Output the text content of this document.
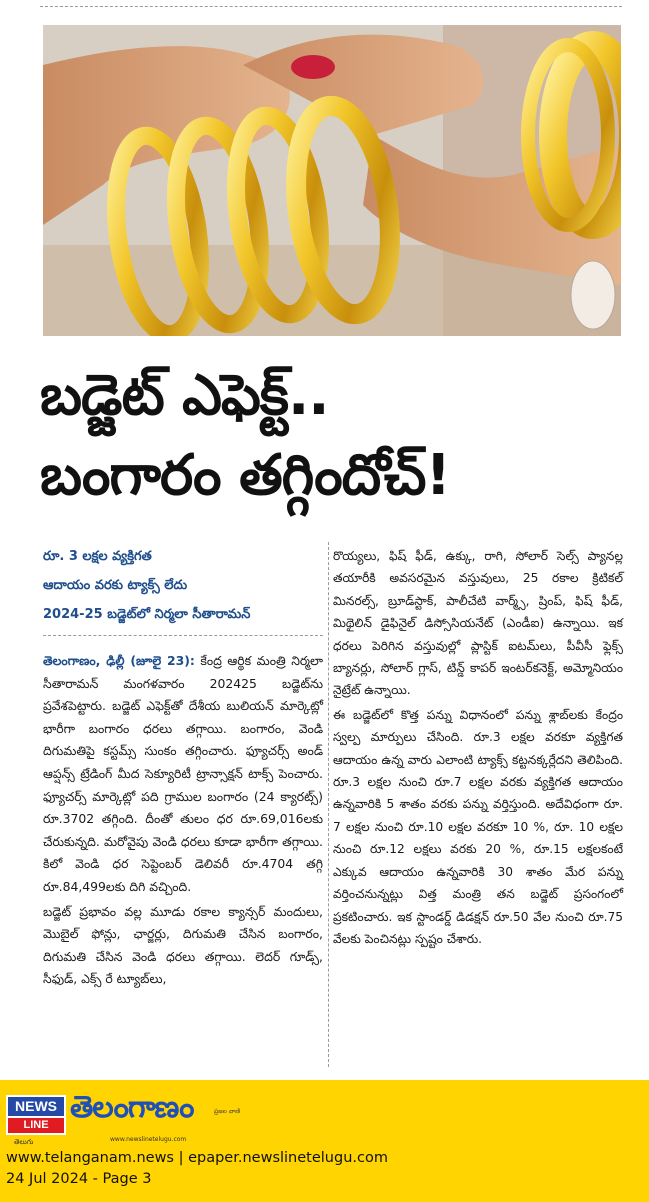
బడ్జెట్ ఎఫెక్ట్..
బంగారం తగ్గిందోచ్!
రూ. 3 లక్షల వ్యక్తిగత
ఆదాయం వరకు ట్యాక్స్ లేదు
2024-25 బడ్జెట్‌లో నిర్మలా సీతారామన్

తెలంగాణం, ఢిల్లీ (జూలై 23): కేంద్ర ఆర్థిక మంత్రి నిర్మలా సీతారామన్ మంగళవారం 202425 బడ్జెట్‌ను ప్రవేశపెట్టారు. బడ్జెట్ ఎఫెక్ట్‌తో దేశీయ బులియన్ మార్కెట్లో భారీగా బంగారం ధరలు తగ్గాయి. బంగారం, వెండి దిగుమతిపై కస్టమ్స్ సుంకం తగ్గించారు. ఫ్యూచర్స్ అండ్ ఆప్షన్స్ ట్రేడింగ్ మీద సెక్యూరిటీ ట్రాన్సాక్షన్ టాక్స్ పెంచారు. ఫ్యూచర్స్ మార్కెట్లో పది గ్రాముల బంగారం (24 క్యారట్స్) రూ.3702 తగ్గింది. దీంతో తులం ధర రూ.69,016లకు చేరుకున్నది. మరోవైపు వెండి ధరలు కూడా భారీగా తగ్గాయి. కిలో వెండి ధర సెప్టెంబర్ డెలివరీ రూ.4704 తగ్గి రూ.84,499లకు దిగి వచ్చింది.

బడ్జెట్ ప్రభావం వల్ల మూడు రకాల క్యాన్సర్ మందులు, మొబైల్ ఫోన్లు, ఛార్జర్లు, దిగుమతి చేసిన బంగారం, దిగుమతి చేసిన వెండి ధరలు తగ్గాయి. లెదర్ గూడ్స్, సీఫుడ్, ఎక్స్ రే ట్యూబ్‌లు,

రొయ్యలు, ఫిష్ ఫీడ్, ఉక్కు, రాగి, సోలార్ సెల్స్ ప్యానల్ల తయారీకి అవసరమైన వస్తువులు, 25 రకాల క్రిటికల్ మినరల్స్, బ్రూడ్‌స్టాక్, పాలీచేటి వార్మ్స్, ష్రింప్, ఫిష్ ఫీడ్, మిథైలిన్ డైఫినైల్ డిస్సోసియనేట్ (ఎండీఐ) ఉన్నాయి. ఇక ధరలు పెరిగిన వస్తువుల్లో ప్లాస్టిక్ ఐటమ్‌లు, పీవీసీ ఫ్లెక్స్ బ్యానర్లు, సోలార్ గ్లాస్, టిన్డ్ కాపర్ ఇంటర్‌కనెక్ట్, అమ్మోనియం నైట్రేట్ ఉన్నాయి.

ఈ బడ్జెట్‌లో కొత్త పన్ను విధానంలో పన్ను శ్లాబ్‌లకు కేంద్రం స్వల్ప మార్పులు చేసింది. రూ.3 లక్షల వరకూ వ్యక్తిగత ఆదాయం ఉన్న వారు ఎలాంటి ట్యాక్స్ కట్టనక్కర్లేదని తెలిపింది. రూ.3 లక్షల నుంచి రూ.7 లక్షల వరకు వ్యక్తిగత ఆదాయం ఉన్నవారికి 5 శాతం వరకు పన్ను వర్తిస్తుంది. అదేవిధంగా రూ. 7 లక్షల నుంచి రూ.10 లక్షల వరకూ 10 %, రూ. 10 లక్షల నుంచి రూ.12 లక్షలు వరకు 20 %, రూ.15 లక్షలకంటే ఎక్కువ ఆదాయం ఉన్నవారికి 30 శాతం మేర పన్ను వర్తించనున్నట్లు విత్త మంత్రి తన బడ్జెట్ ప్రసంగంలో ప్రకటించారు. ఇక స్టాండర్డ్ డిడక్షన్ రూ.50 వేల నుంచి రూ.75 వేలకు పెంచినట్లు స్పష్టం చేశారు.

NEWS
LINE
తెలుగు
తెలంగాణం	ప్రజల వాణి
www.newslinetelugu.com
www.telanganam.news | epaper.newslinetelugu.com
24 Jul 2024 - Page 3
